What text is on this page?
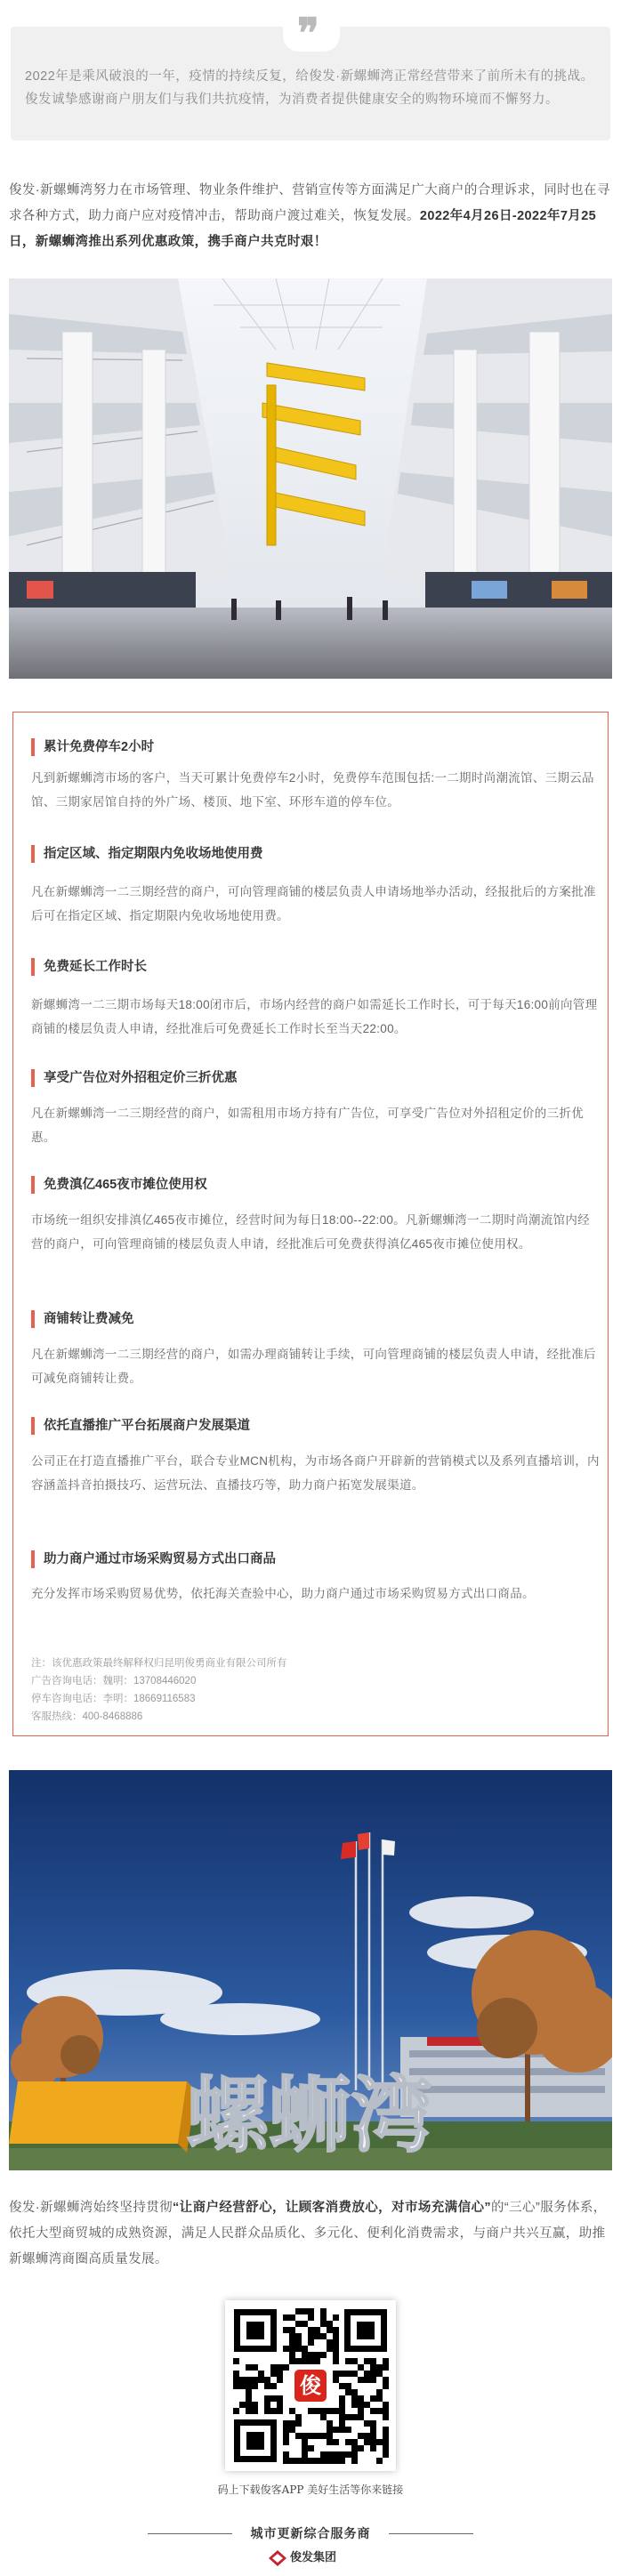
❞

2022年是乘风破浪的一年，疫情的持续反复，给俊发·新螺蛳湾正常经营带来了前所未有的挑战。俊发诚挚感谢商户朋友们与我们共抗疫情，为消费者提供健康安全的购物环境而不懈努力。

俊发·新螺蛳湾努力在市场管理、物业条件维护、营销宣传等方面满足广大商户的合理诉求，同时也在寻求各种方式，助力商户应对疫情冲击，帮助商户渡过难关，恢复发展。2022年4月26日-2022年7月25日，新螺蛳湾推出系列优惠政策，携手商户共克时艰！

累计免费停车2小时

凡到新螺蛳湾市场的客户，当天可累计免费停车2小时，免费停车范围包括:一二期时尚潮流馆、三期云品馆、三期家居馆自持的外广场、楼顶、地下室、环形车道的停车位。

指定区域、指定期限内免收场地使用费

凡在新螺蛳湾一二三期经营的商户，可向管理商铺的楼层负责人申请场地举办活动，经报批后的方案批准后可在指定区域、指定期限内免收场地使用费。

免费延长工作时长

新螺蛳湾一二三期市场每天18:00闭市后，市场内经营的商户如需延长工作时长，可于每天16:00前向管理商铺的楼层负责人申请，经批准后可免费延长工作时长至当天22:00。

享受广告位对外招租定价三折优惠

凡在新螺蛳湾一二三期经营的商户，如需租用市场方持有广告位，可享受广告位对外招租定价的三折优惠。

免费滇亿465夜市摊位使用权

市场统一组织安排滇亿465夜市摊位，经营时间为每日18:00--22:00。凡新螺蛳湾一二期时尚潮流馆内经营的商户，可向管理商铺的楼层负责人申请，经批准后可免费获得滇亿465夜市摊位使用权。

商铺转让费减免

凡在新螺蛳湾一二三期经营的商户，如需办理商铺转让手续，可向管理商铺的楼层负责人申请，经批准后可减免商铺转让费。

依托直播推广平台拓展商户发展渠道

公司正在打造直播推广平台，联合专业MCN机构，为市场各商户开辟新的营销模式以及系列直播培训，内容涵盖抖音拍摄技巧、运营玩法、直播技巧等，助力商户拓宽发展渠道。

助力商户通过市场采购贸易方式出口商品

充分发挥市场采购贸易优势，依托海关查验中心，助力商户通过市场采购贸易方式出口商品。

注：该优惠政策最终解释权归昆明俊勇商业有限公司所有
广告咨询电话：魏明：13708446020
停车咨询电话：李明：18669116583
客服热线：400-8468886
螺蛳湾

俊发·新螺蛳湾始终坚持贯彻“让商户经营舒心，让顾客消费放心，对市场充满信心”的“三心”服务体系，依托大型商贸城的成熟资源，满足人民群众品质化、多元化、便利化消费需求，与商户共兴互赢，助推新螺蛳湾商圈高质量发展。

俊
码上下载俊客APP 美好生活等你来链接
城市更新综合服务商
俊发集团
